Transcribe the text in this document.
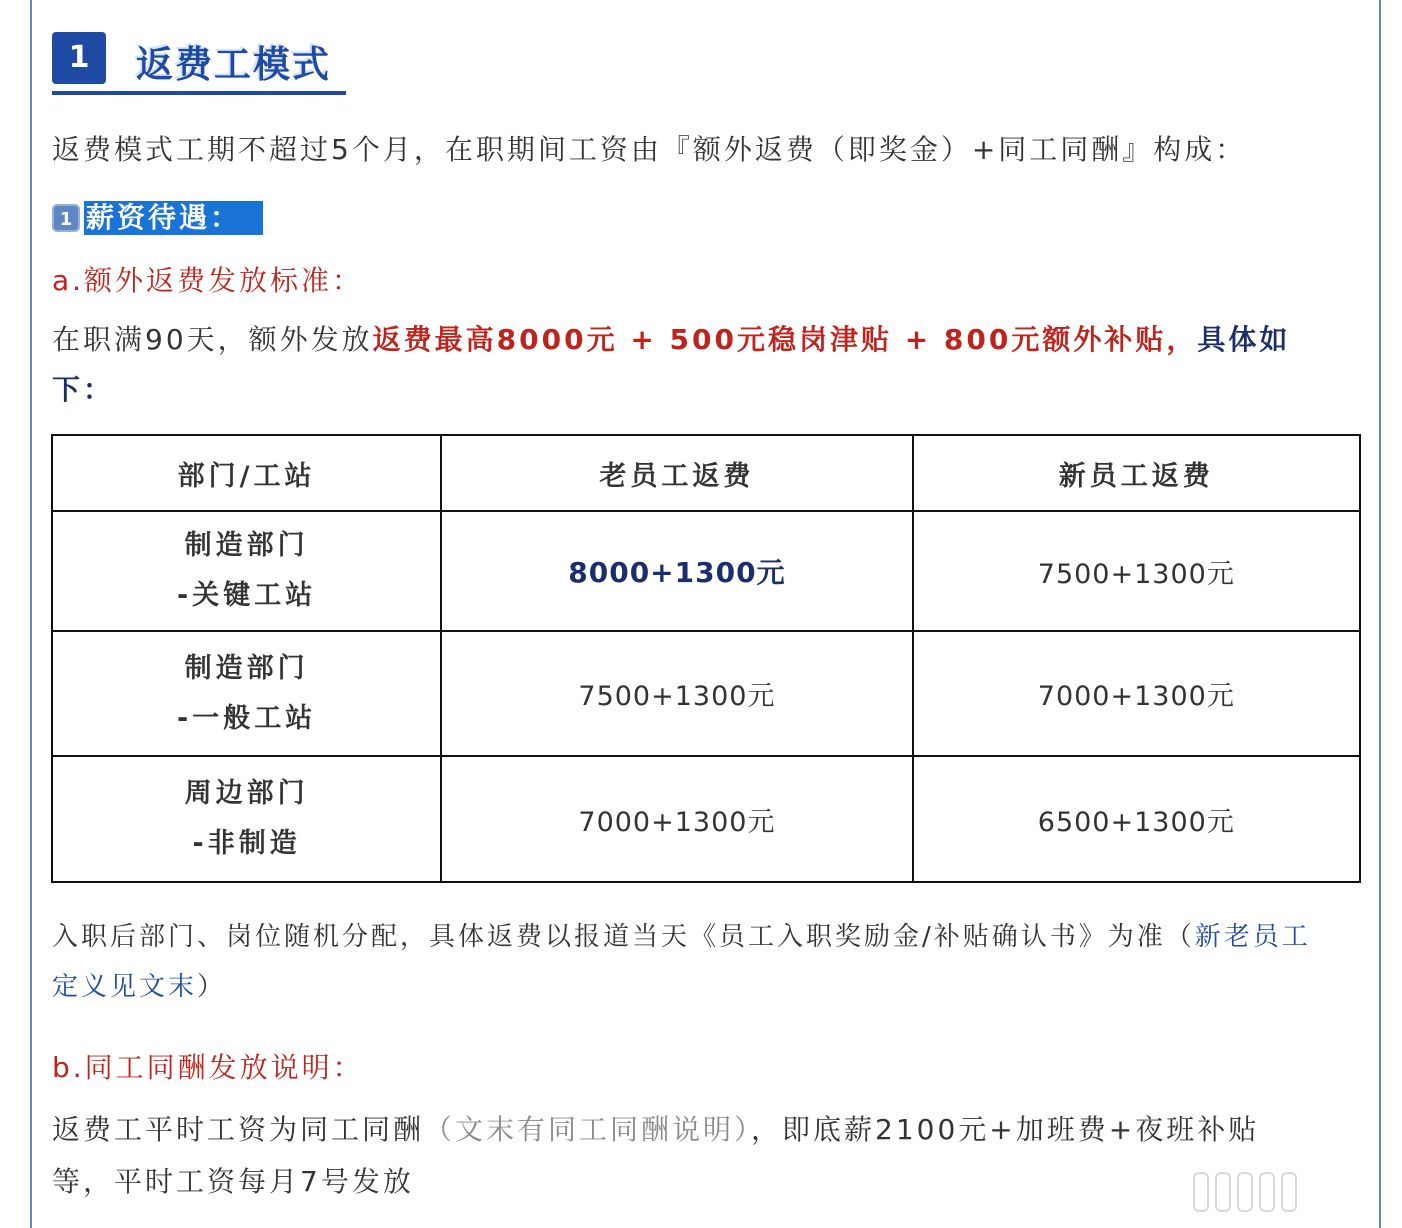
1	返费工模式
返费模式工期不超过5个月，在职期间工资由『额外返费（即奖金）+同工同酬』构成：
1 薪资待遇：
a.额外返费发放标准：
在职满90天，额外发放返费最高8000元 + 500元稳岗津贴 + 800元额外补贴，具体如
下：
部门/工站	老员工返费	新员工返费

制造部门
-关键工站	8000+1300元	7500+1300元

制造部门
-一般工站	7500+1300元	7000+1300元

周边部门
-非制造	7000+1300元	6500+1300元
入职后部门、岗位随机分配，具体返费以报道当天《员工入职奖励金/补贴确认书》为准（新老员工
定义见文末）
b.同工同酬发放说明：
返费工平时工资为同工同酬（文末有同工同酬说明），即底薪2100元+加班费+夜班补贴
等，平时工资每月7号发放
